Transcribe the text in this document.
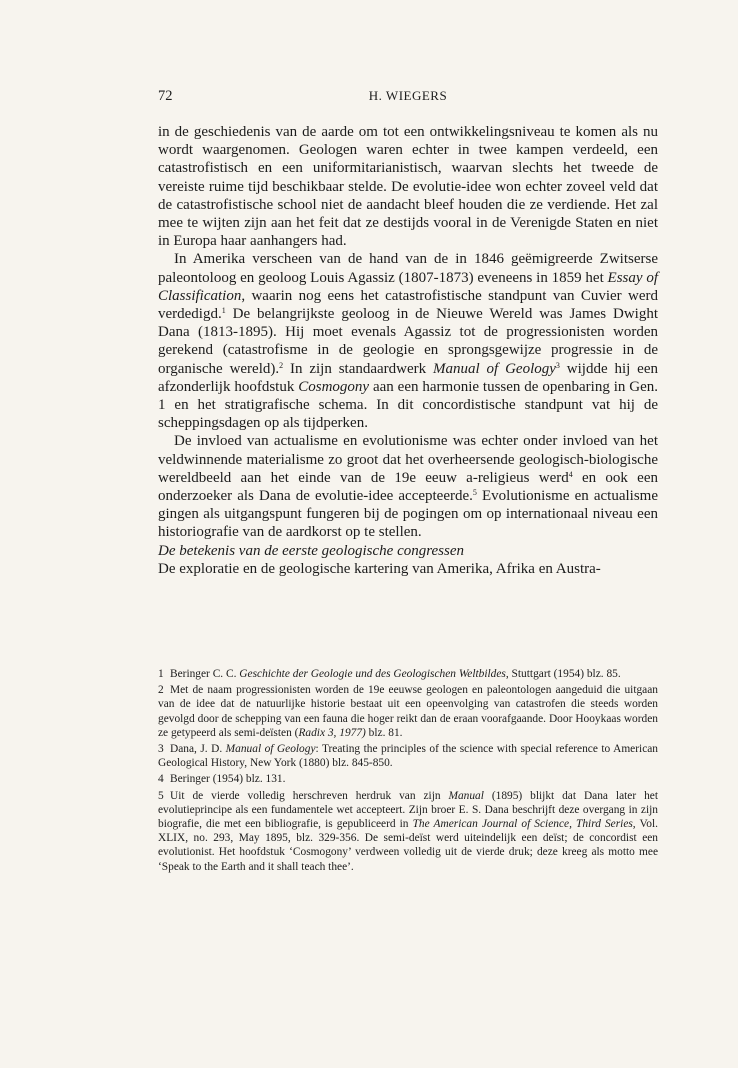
72	H. WIEGERS

in de geschiedenis van de aarde om tot een ontwikkelingsniveau te komen als nu wordt waargenomen. Geologen waren echter in twee kampen verdeeld, een catastrofistisch en een uniformitarianistisch, waarvan slechts het tweede de vereiste ruime tijd beschikbaar stelde. De evolutie-idee won echter zoveel veld dat de catastrofistische school niet de aandacht bleef houden die ze verdiende. Het zal mee te wijten zijn aan het feit dat ze destijds vooral in de Verenigde Staten en niet in Europa haar aanhangers had.

In Amerika verscheen van de hand van de in 1846 geëmigreerde Zwitserse paleontoloog en geoloog Louis Agassiz (1807-1873) eveneens in 1859 het Essay of Classification, waarin nog eens het catastrofistische standpunt van Cuvier werd verdedigd.$^1$ De belangrijkste geoloog in de Nieuwe Wereld was James Dwight Dana (1813-1895). Hij moet evenals Agassiz tot de progressionisten worden gerekend (catastrofisme in de geologie en sprongsgewijze progressie in de organische wereld).$^2$ In zijn standaardwerk Manual of Geology$^3$ wijdde hij een afzonderlijk hoofdstuk Cosmogony aan een harmonie tussen de openbaring in Gen. 1 en het stratigrafische schema. In dit concordistische standpunt vat hij de scheppingsdagen op als tijdperken.

De invloed van actualisme en evolutionisme was echter onder invloed van het veldwinnende materialisme zo groot dat het overheersende geologisch-biologische wereldbeeld aan het einde van de 19e eeuw a-religieus werd$^4$ en ook een onderzoeker als Dana de evolutie-idee accepteerde.$^5$ Evolutionisme en actualisme gingen als uitgangspunt fungeren bij de pogingen om op internationaal niveau een historiografie van de aardkorst op te stellen.

De betekenis van de eerste geologische congressen

De exploratie en de geologische kartering van Amerika, Afrika en Austra-

1 Beringer C. C. Geschichte der Geologie und des Geologischen Weltbildes, Stuttgart (1954) blz. 85.

2 Met de naam progressionisten worden de 19e eeuwse geologen en paleontologen aangeduid die uitgaan van de idee dat de natuurlijke historie bestaat uit een opeenvolging van catastrofen die steeds worden gevolgd door de schepping van een fauna die hoger reikt dan de eraan voorafgaande. Door Hooykaas worden ze getypeerd als semi-deïsten (Radix 3, 1977) blz. 81.

3 Dana, J. D. Manual of Geology: Treating the principles of the science with special reference to American Geological History, New York (1880) blz. 845-850.

4 Beringer (1954) blz. 131.

5 Uit de vierde volledig herschreven herdruk van zijn Manual (1895) blijkt dat Dana later het evolutieprincipe als een fundamentele wet accepteert. Zijn broer E. S. Dana beschrijft deze overgang in zijn biografie, die met een bibliografie, is gepubliceerd in The American Journal of Science, Third Series, Vol. XLIX, no. 293, May 1895, blz. 329-356. De semi-deïst werd uiteindelijk een deïst; de concordist een evolutionist. Het hoofdstuk ‘Cosmogony’ verdween volledig uit de vierde druk; deze kreeg als motto mee ‘Speak to the Earth and it shall teach thee’.
